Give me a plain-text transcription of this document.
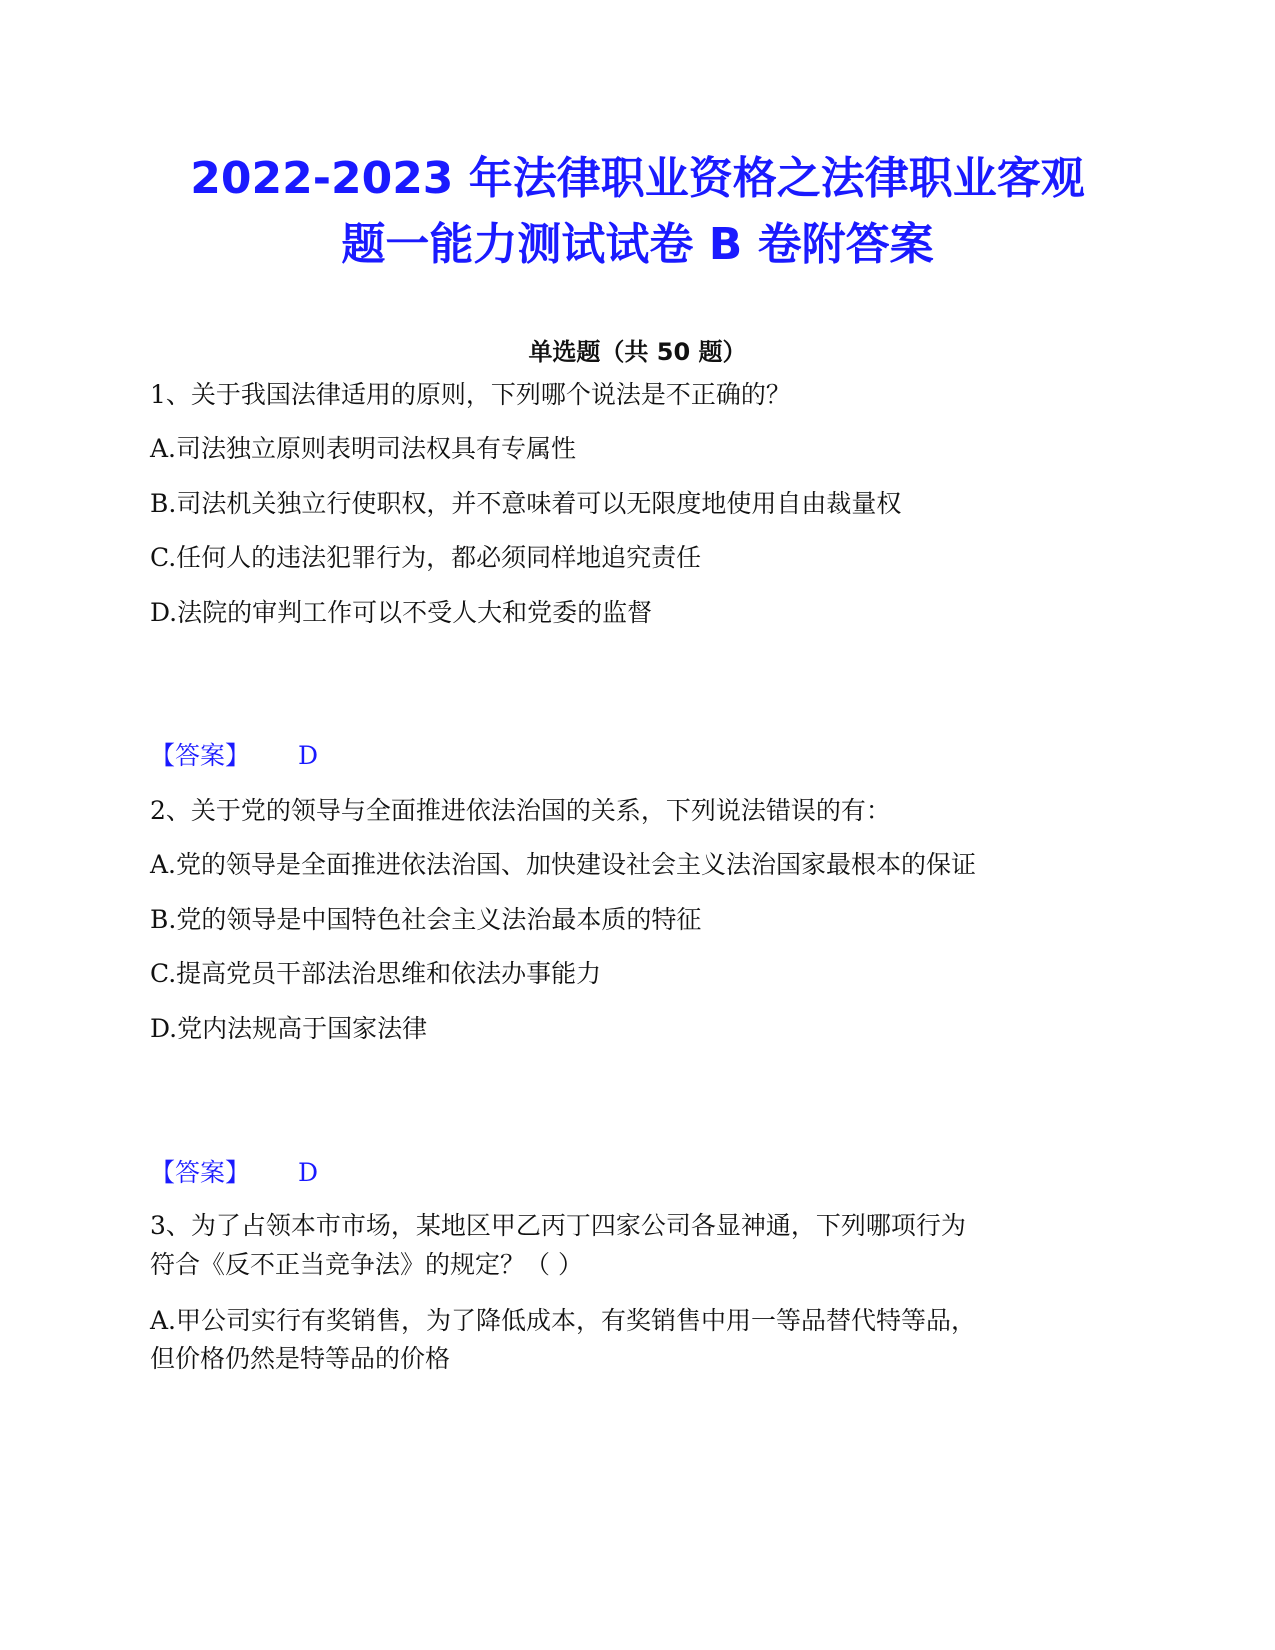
2022-2023 年法律职业资格之法律职业客观
题一能力测试试卷 B 卷附答案

单选题（共 50 题）

1、关于我国法律适用的原则，下列哪个说法是不正确的？

A.司法独立原则表明司法权具有专属性

B.司法机关独立行使职权，并不意味着可以无限度地使用自由裁量权

C.任何人的违法犯罪行为，都必须同样地追究责任

D.法院的审判工作可以不受人大和党委的监督

【答案】 D

2、关于党的领导与全面推进依法治国的关系，下列说法错误的有：

A.党的领导是全面推进依法治国、加快建设社会主义法治国家最根本的保证

B.党的领导是中国特色社会主义法治最本质的特征

C.提高党员干部法治思维和依法办事能力

D.党内法规高于国家法律

【答案】 D

3、为了占领本市市场，某地区甲乙丙丁四家公司各显神通，下列哪项行为

符合《反不正当竞争法》的规定？（ ）

A.甲公司实行有奖销售，为了降低成本，有奖销售中用一等品替代特等品，

但价格仍然是特等品的价格
